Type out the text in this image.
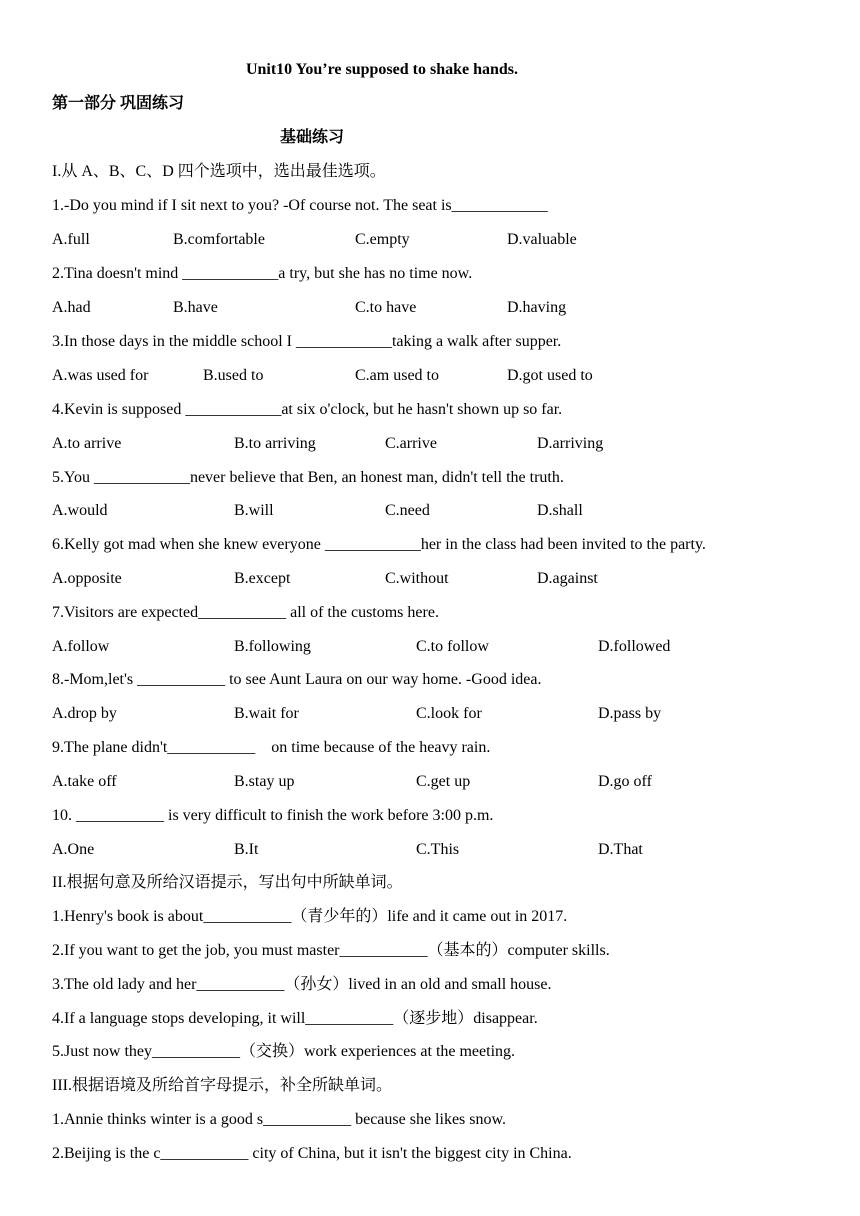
Unit10 You’re supposed to shake hands.
第一部分 巩固练习
基础练习
I.从 A、B、C、D 四个选项中，选出最佳选项。
1.-Do you mind if I sit next to you? -Of course not. The seat is____________
A.full	B.comfortable	C.empty	D.valuable
2.Tina doesn't mind ____________a try, but she has no time now.
A.had	B.have	C.to have	D.having
3.In those days in the middle school I ____________taking a walk after supper.
A.was used for	B.used to	C.am used to	D.got used to
4.Kevin is supposed ____________at six o'clock, but he hasn't shown up so far.
A.to arrive	B.to arriving	C.arrive	D.arriving
5.You ____________never believe that Ben, an honest man, didn't tell the truth.
A.would	B.will	C.need	D.shall
6.Kelly got mad when she knew everyone ____________her in the class had been invited to the party.
A.opposite	B.except	C.without	D.against
7.Visitors are expected___________ all of the customs here.
A.follow	B.following	C.to follow	D.followed
8.-Mom,let's ___________ to see Aunt Laura on our way home. -Good idea.
A.drop by	B.wait for	C.look for	D.pass by
9.The plane didn't___________    on time because of the heavy rain.
A.take off	B.stay up	C.get up	D.go off
10. ___________ is very difficult to finish the work before 3:00 p.m.
A.One	B.It	C.This	D.That
II.根据句意及所给汉语提示，写出句中所缺单词。
1.Henry's book is about___________（青少年的）life and it came out in 2017.
2.If you want to get the job, you must master___________（基本的）computer skills.
3.The old lady and her___________（孙女）lived in an old and small house.
4.If a language stops developing, it will___________（逐步地）disappear.
5.Just now they___________（交换）work experiences at the meeting.
III.根据语境及所给首字母提示，补全所缺单词。
1.Annie thinks winter is a good s___________ because she likes snow.
2.Beijing is the c___________ city of China, but it isn't the biggest city in China.
